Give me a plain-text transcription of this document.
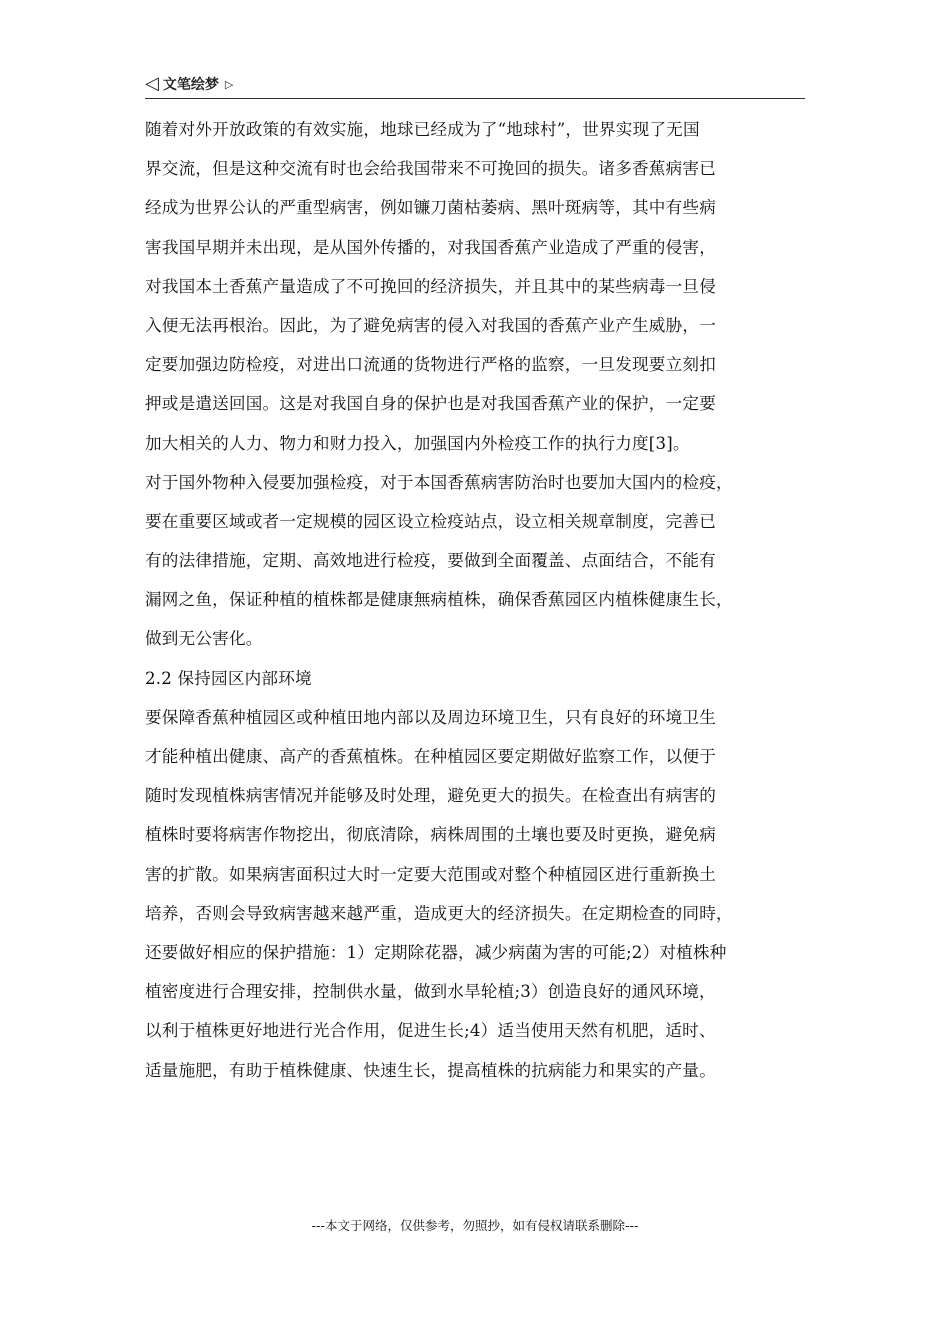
◁ 文笔绘梦 ▷
随着对外开放政策的有效实施，地球已经成为了“地球村”，世界实现了无国
界交流，但是这种交流有时也会给我国带来不可挽回的损失。诸多香蕉病害已
经成为世界公认的严重型病害，例如镰刀菌枯萎病、黑叶斑病等，其中有些病
害我国早期并未出现，是从国外传播的，对我国香蕉产业造成了严重的侵害，
对我国本土香蕉产量造成了不可挽回的经济损失，并且其中的某些病毒一旦侵
入便无法再根治。因此，为了避免病害的侵入对我国的香蕉产业产生威胁，一
定要加强边防检疫，对进出口流通的货物进行严格的监察，一旦发现要立刻扣
押或是遣送回国。这是对我国自身的保护也是对我国香蕉产业的保护，一定要
加大相关的人力、物力和财力投入，加强国内外检疫工作的执行力度[3]。
对于国外物种入侵要加强检疫，对于本国香蕉病害防治时也要加大国内的检疫，
要在重要区域或者一定规模的园区设立检疫站点，设立相关规章制度，完善已
有的法律措施，定期、高效地进行检疫，要做到全面覆盖、点面结合，不能有
漏网之鱼，保证种植的植株都是健康無病植株，确保香蕉园区内植株健康生长，
做到无公害化。
2.2 保持园区内部环境
要保障香蕉种植园区或种植田地内部以及周边环境卫生，只有良好的环境卫生
才能种植出健康、高产的香蕉植株。在种植园区要定期做好监察工作，以便于
随时发现植株病害情况并能够及时处理，避免更大的损失。在检查出有病害的
植株时要将病害作物挖出，彻底清除，病株周围的土壤也要及时更换，避免病
害的扩散。如果病害面积过大时一定要大范围或对整个种植园区进行重新换土
培养，否则会导致病害越来越严重，造成更大的经济损失。在定期检查的同時，
还要做好相应的保护措施：1）定期除花器，减少病菌为害的可能;2）对植株种
植密度进行合理安排，控制供水量，做到水旱轮植;3）创造良好的通风环境，
以利于植株更好地进行光合作用，促进生长;4）适当使用天然有机肥，适时、
适量施肥，有助于植株健康、快速生长，提高植株的抗病能力和果实的产量。
---本文于网络，仅供参考，勿照抄，如有侵权请联系删除---
